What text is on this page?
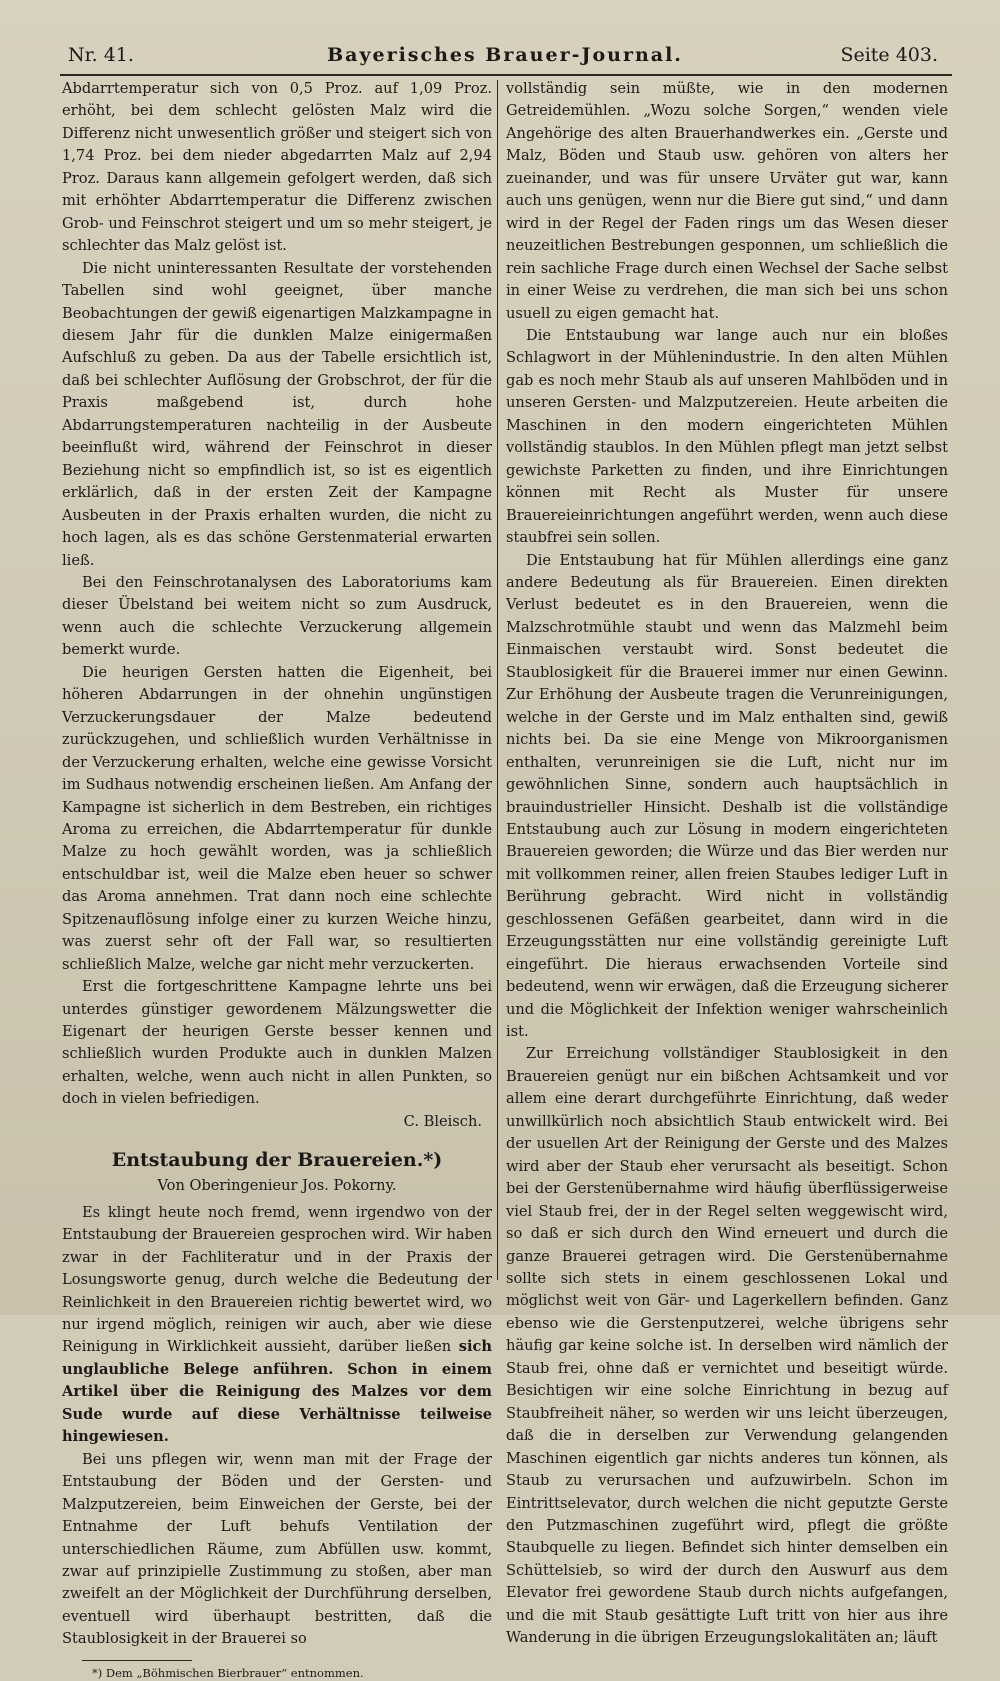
Nr. 41.	Bayerisches Brauer-Journal.	Seite 403.

Abdarrtemperatur sich von 0,5 Proz. auf 1,09 Proz. erhöht, bei dem schlecht gelösten Malz wird die Differenz nicht unwesentlich größer und steigert sich von 1,74 Proz. bei dem nieder abgedarrten Malz auf 2,94 Proz. Daraus kann allgemein gefolgert werden, daß sich mit erhöhter Abdarrtemperatur die Differenz zwischen Grob- und Feinschrot steigert und um so mehr steigert, je schlechter das Malz gelöst ist.

Die nicht uninteressanten Resultate der vorstehenden Tabellen sind wohl geeignet, über manche Beobachtungen der gewiß eigenartigen Malzkampagne in diesem Jahr für die dunklen Malze einigermaßen Aufschluß zu geben. Da aus der Tabelle ersichtlich ist, daß bei schlechter Auflösung der Grobschrot, der für die Praxis maßgebend ist, durch hohe Abdarrungstemperaturen nachteilig in der Ausbeute beeinflußt wird, während der Feinschrot in dieser Beziehung nicht so empfindlich ist, so ist es eigentlich erklärlich, daß in der ersten Zeit der Kampagne Ausbeuten in der Praxis erhalten wurden, die nicht zu hoch lagen, als es das schöne Gerstenmaterial erwarten ließ.

Bei den Feinschrotanalysen des Laboratoriums kam dieser Übelstand bei weitem nicht so zum Ausdruck, wenn auch die schlechte Verzuckerung allgemein bemerkt wurde.

Die heurigen Gersten hatten die Eigenheit, bei höheren Abdarrungen in der ohnehin ungünstigen Verzuckerungsdauer der Malze bedeutend zurückzugehen, und schließlich wurden Verhältnisse in der Verzuckerung erhalten, welche eine gewisse Vorsicht im Sudhaus notwendig erscheinen ließen. Am Anfang der Kampagne ist sicherlich in dem Bestreben, ein richtiges Aroma zu erreichen, die Abdarrtemperatur für dunkle Malze zu hoch gewählt worden, was ja schließlich entschuldbar ist, weil die Malze eben heuer so schwer das Aroma annehmen. Trat dann noch eine schlechte Spitzenauflösung infolge einer zu kurzen Weiche hinzu, was zuerst sehr oft der Fall war, so resultierten schließlich Malze, welche gar nicht mehr verzuckerten.

Erst die fortgeschrittene Kampagne lehrte uns bei unterdes günstiger gewordenem Mälzungswetter die Eigenart der heurigen Gerste besser kennen und schließlich wurden Produkte auch in dunklen Malzen erhalten, welche, wenn auch nicht in allen Punkten, so doch in vielen befriedigen.

C. Bleisch.

Entstaubung der Brauereien.*)
Von Oberingenieur Jos. Pokorny.

Es klingt heute noch fremd, wenn irgendwo von der Entstaubung der Brauereien gesprochen wird. Wir haben zwar in der Fachliteratur und in der Praxis der Losungsworte genug, durch welche die Bedeutung der Reinlichkeit in den Brauereien richtig bewertet wird, wo nur irgend möglich, reinigen wir auch, aber wie diese Reinigung in Wirklichkeit aussieht, darüber ließen sich unglaubliche Belege anführen. Schon in einem Artikel über die Reinigung des Malzes vor dem Sude wurde auf diese Verhältnisse teilweise hingewiesen.

Bei uns pflegen wir, wenn man mit der Frage der Entstaubung der Böden und der Gersten- und Malzputzereien, beim Einweichen der Gerste, bei der Entnahme der Luft behufs Ventilation der unterschiedlichen Räume, zum Abfüllen usw. kommt, zwar auf prinzipielle Zustimmung zu stoßen, aber man zweifelt an der Möglichkeit der Durchführung derselben, eventuell wird überhaupt bestritten, daß die Staublosigkeit in der Brauerei so

*) Dem „Böhmischen Bierbrauer“ entnommen.

vollständig sein müßte, wie in den modernen Getreidemühlen. „Wozu solche Sorgen,“ wenden viele Angehörige des alten Brauerhandwerkes ein. „Gerste und Malz, Böden und Staub usw. gehören von alters her zueinander, und was für unsere Urväter gut war, kann auch uns genügen, wenn nur die Biere gut sind,“ und dann wird in der Regel der Faden rings um das Wesen dieser neuzeitlichen Bestrebungen gesponnen, um schließlich die rein sachliche Frage durch einen Wechsel der Sache selbst in einer Weise zu verdrehen, die man sich bei uns schon usuell zu eigen gemacht hat.

Die Entstaubung war lange auch nur ein bloßes Schlagwort in der Mühlenindustrie. In den alten Mühlen gab es noch mehr Staub als auf unseren Mahlböden und in unseren Gersten- und Malzputzereien. Heute arbeiten die Maschinen in den modern eingerichteten Mühlen vollständig staublos. In den Mühlen pflegt man jetzt selbst gewichste Parketten zu finden, und ihre Einrichtungen können mit Recht als Muster für unsere Brauereieinrichtungen angeführt werden, wenn auch diese staubfrei sein sollen.

Die Entstaubung hat für Mühlen allerdings eine ganz andere Bedeutung als für Brauereien. Einen direkten Verlust bedeutet es in den Brauereien, wenn die Malzschrotmühle staubt und wenn das Malzmehl beim Einmaischen verstaubt wird. Sonst bedeutet die Staublosigkeit für die Brauerei immer nur einen Gewinn. Zur Erhöhung der Ausbeute tragen die Verunreinigungen, welche in der Gerste und im Malz enthalten sind, gewiß nichts bei. Da sie eine Menge von Mikroorganismen enthalten, verunreinigen sie die Luft, nicht nur im gewöhnlichen Sinne, sondern auch hauptsächlich in brauindustrieller Hinsicht. Deshalb ist die vollständige Entstaubung auch zur Lösung in modern eingerichteten Brauereien geworden; die Würze und das Bier werden nur mit vollkommen reiner, allen freien Staubes lediger Luft in Berührung gebracht. Wird nicht in vollständig geschlossenen Gefäßen gearbeitet, dann wird in die Erzeugungsstätten nur eine vollständig gereinigte Luft eingeführt. Die hieraus erwachsenden Vorteile sind bedeutend, wenn wir erwägen, daß die Erzeugung sicherer und die Möglichkeit der Infektion weniger wahrscheinlich ist.

Zur Erreichung vollständiger Staublosigkeit in den Brauereien genügt nur ein bißchen Achtsamkeit und vor allem eine derart durchgeführte Einrichtung, daß weder unwillkürlich noch absichtlich Staub entwickelt wird. Bei der usuellen Art der Reinigung der Gerste und des Malzes wird aber der Staub eher verursacht als beseitigt. Schon bei der Gerstenübernahme wird häufig überflüssigerweise viel Staub frei, der in der Regel selten weggewischt wird, so daß er sich durch den Wind erneuert und durch die ganze Brauerei getragen wird. Die Gerstenübernahme sollte sich stets in einem geschlossenen Lokal und möglichst weit von Gär- und Lagerkellern befinden. Ganz ebenso wie die Gerstenputzerei, welche übrigens sehr häufig gar keine solche ist. In derselben wird nämlich der Staub frei, ohne daß er vernichtet und beseitigt würde. Besichtigen wir eine solche Einrichtung in bezug auf Staubfreiheit näher, so werden wir uns leicht überzeugen, daß die in derselben zur Verwendung gelangenden Maschinen eigentlich gar nichts anderes tun können, als Staub zu verursachen und aufzuwirbeln. Schon im Eintrittselevator, durch welchen die nicht geputzte Gerste den Putzmaschinen zugeführt wird, pflegt die größte Staubquelle zu liegen. Befindet sich hinter demselben ein Schüttelsieb, so wird der durch den Auswurf aus dem Elevator frei gewordene Staub durch nichts aufgefangen, und die mit Staub gesättigte Luft tritt von hier aus ihre Wanderung in die übrigen Erzeugungslokalitäten an; läuft
